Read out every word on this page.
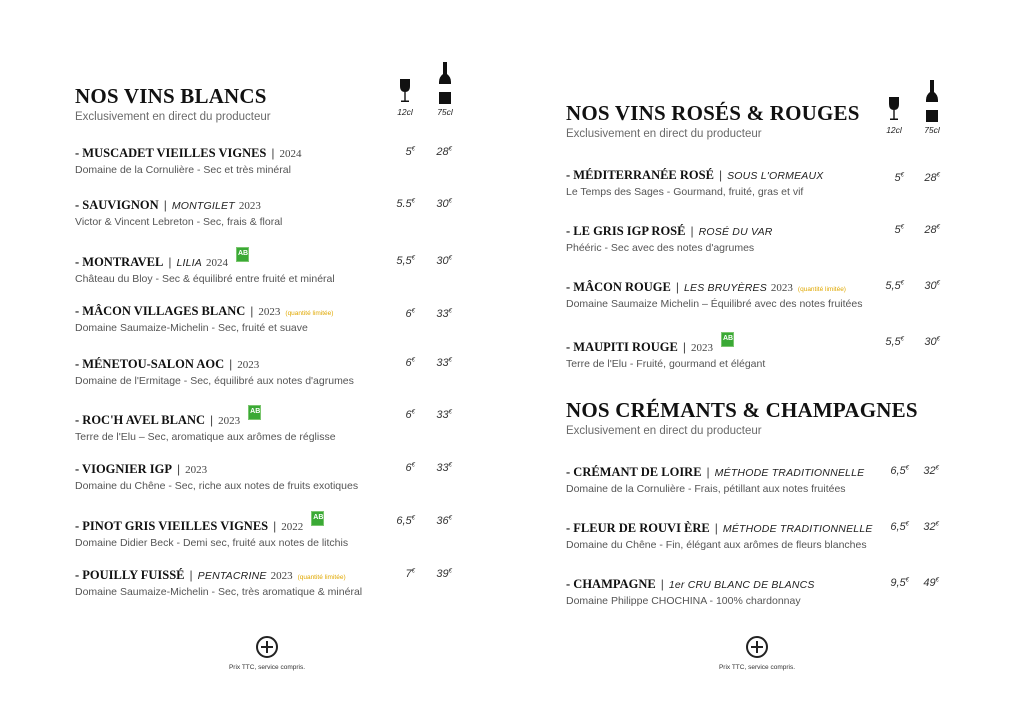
NOS VINS BLANCS
Exclusivement en direct du producteur	12cl	75cl
- MUSCADET VIEILLES VIGNES | 2024
Domaine de la Cornulière - Sec et très minéral
5€	28€
- SAUVIGNON | MONTGILET 2023
Victor & Vincent Lebreton - Sec, frais & floral
5.5€	30€
- MONTRAVEL | LILIA 2024
AB
Château du Bloy - Sec & équilibré entre fruité et minéral
5,5€	30€
- MÂCON VILLAGES BLANC | 2023 (quantité limitée)
Domaine Saumaize-Michelin - Sec, fruité et suave
6€	33€
- MÉNETOU-SALON AOC | 2023
Domaine de l'Ermitage - Sec, équilibré aux notes d'agrumes
6€	33€
- ROC'H AVEL BLANC | 2023
AB
Terre de l'Elu – Sec, aromatique aux arômes de réglisse
6€	33€
- VIOGNIER IGP | 2023
Domaine du Chêne - Sec, riche aux notes de fruits exotiques
6€	33€
- PINOT GRIS VIEILLES VIGNES | 2022
AB
Domaine Didier Beck - Demi sec, fruité aux notes de litchis
6,5€	36€
- POUILLY FUISSÉ | PENTACRINE 2023 (quantité limitée)
Domaine Saumaize-Michelin - Sec, très aromatique & minéral
7€	39€
Prix TTC, service compris.
NOS VINS ROSÉS & ROUGES
Exclusivement en direct du producteur	12cl	75cl
- MÉDITERRANÉE ROSÉ | SOUS L'ORMEAUX
Le Temps des Sages - Gourmand, fruité, gras et vif
5€	28€
- LE GRIS IGP ROSÉ | ROSÉ DU VAR
Phééric - Sec avec des notes d'agrumes
5€	28€
- MÂCON ROUGE | LES BRUYÈRES 2023 (quantité limitée)
Domaine Saumaize Michelin – Équilibré avec des notes fruitées
5,5€	30€
- MAUPITI ROUGE | 2023
AB
Terre de l'Elu - Fruité, gourmand et élégant
5,5€	30€
NOS CRÉMANTS & CHAMPAGNES
Exclusivement en direct du producteur
- CRÉMANT DE LOIRE | MÉTHODE TRADITIONNELLE
Domaine de la Cornulière - Frais, pétillant aux notes fruitées
6,5€	32€
- FLEUR DE ROUVI ÈRE | MÉTHODE TRADITIONNELLE
Domaine du Chêne - Fin, élégant aux arômes de fleurs blanches
6,5€	32€
- CHAMPAGNE | 1er CRU BLANC DE BLANCS
Domaine Philippe CHOCHINA - 100% chardonnay
9,5€	49€
Prix TTC, service compris.
